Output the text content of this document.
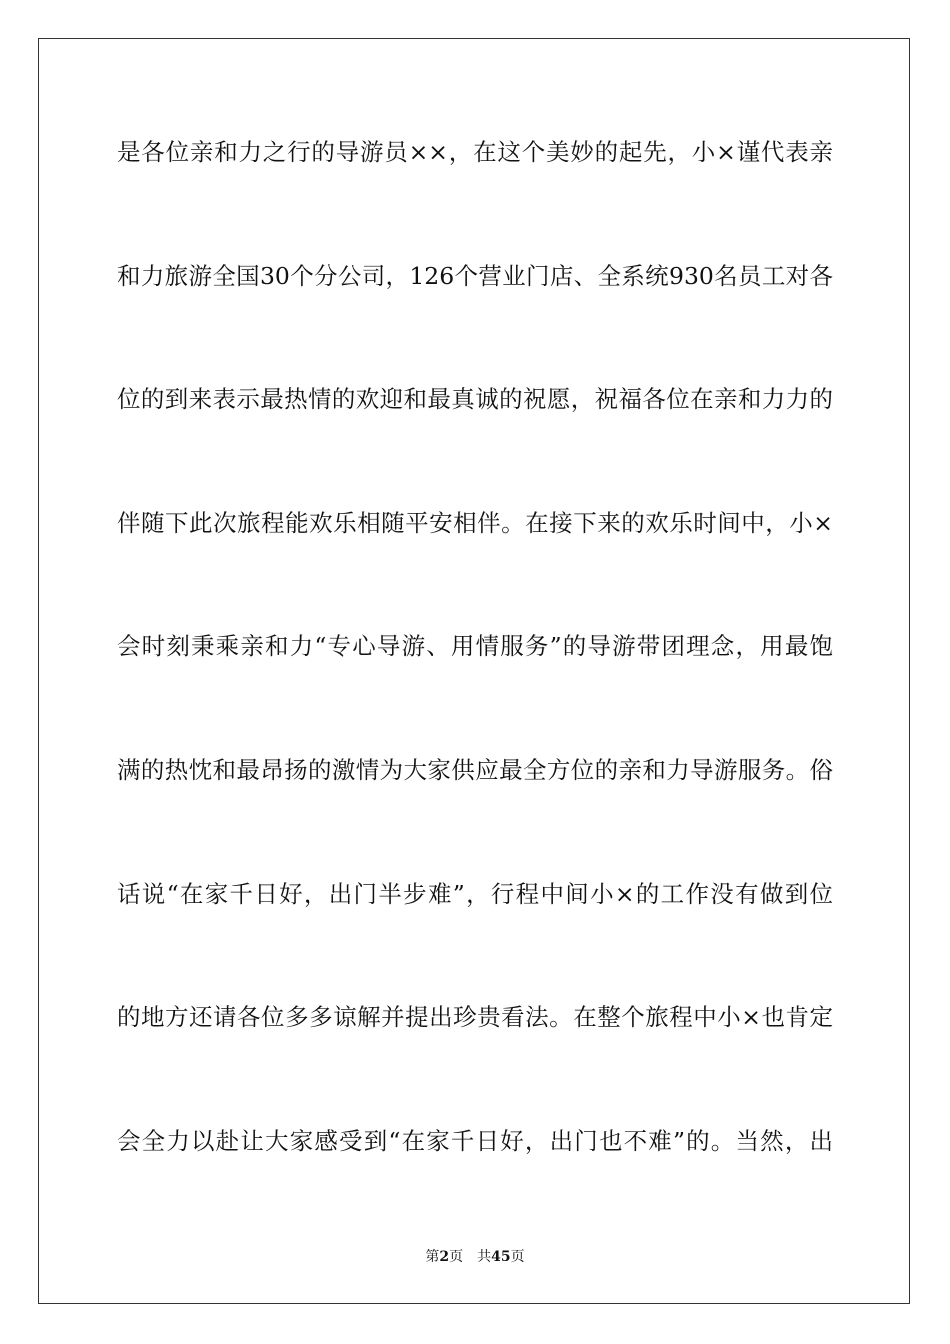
是各位亲和力之行的导游员××，在这个美妙的起先，小×谨代表亲
和力旅游全国30个分公司，126个营业门店、全系统930名员工对各
位的到来表示最热情的欢迎和最真诚的祝愿，祝福各位在亲和力力的
伴随下此次旅程能欢乐相随平安相伴。在接下来的欢乐时间中，小×
会时刻秉乘亲和力“专心导游、用情服务”的导游带团理念，用最饱
满的热忱和最昂扬的激情为大家供应最全方位的亲和力导游服务。俗
话说“在家千日好，出门半步难”，行程中间小×的工作没有做到位
的地方还请各位多多谅解并提出珍贵看法。在整个旅程中小×也肯定
会全力以赴让大家感受到“在家千日好，出门也不难”的。当然，出
第2页 共45页
